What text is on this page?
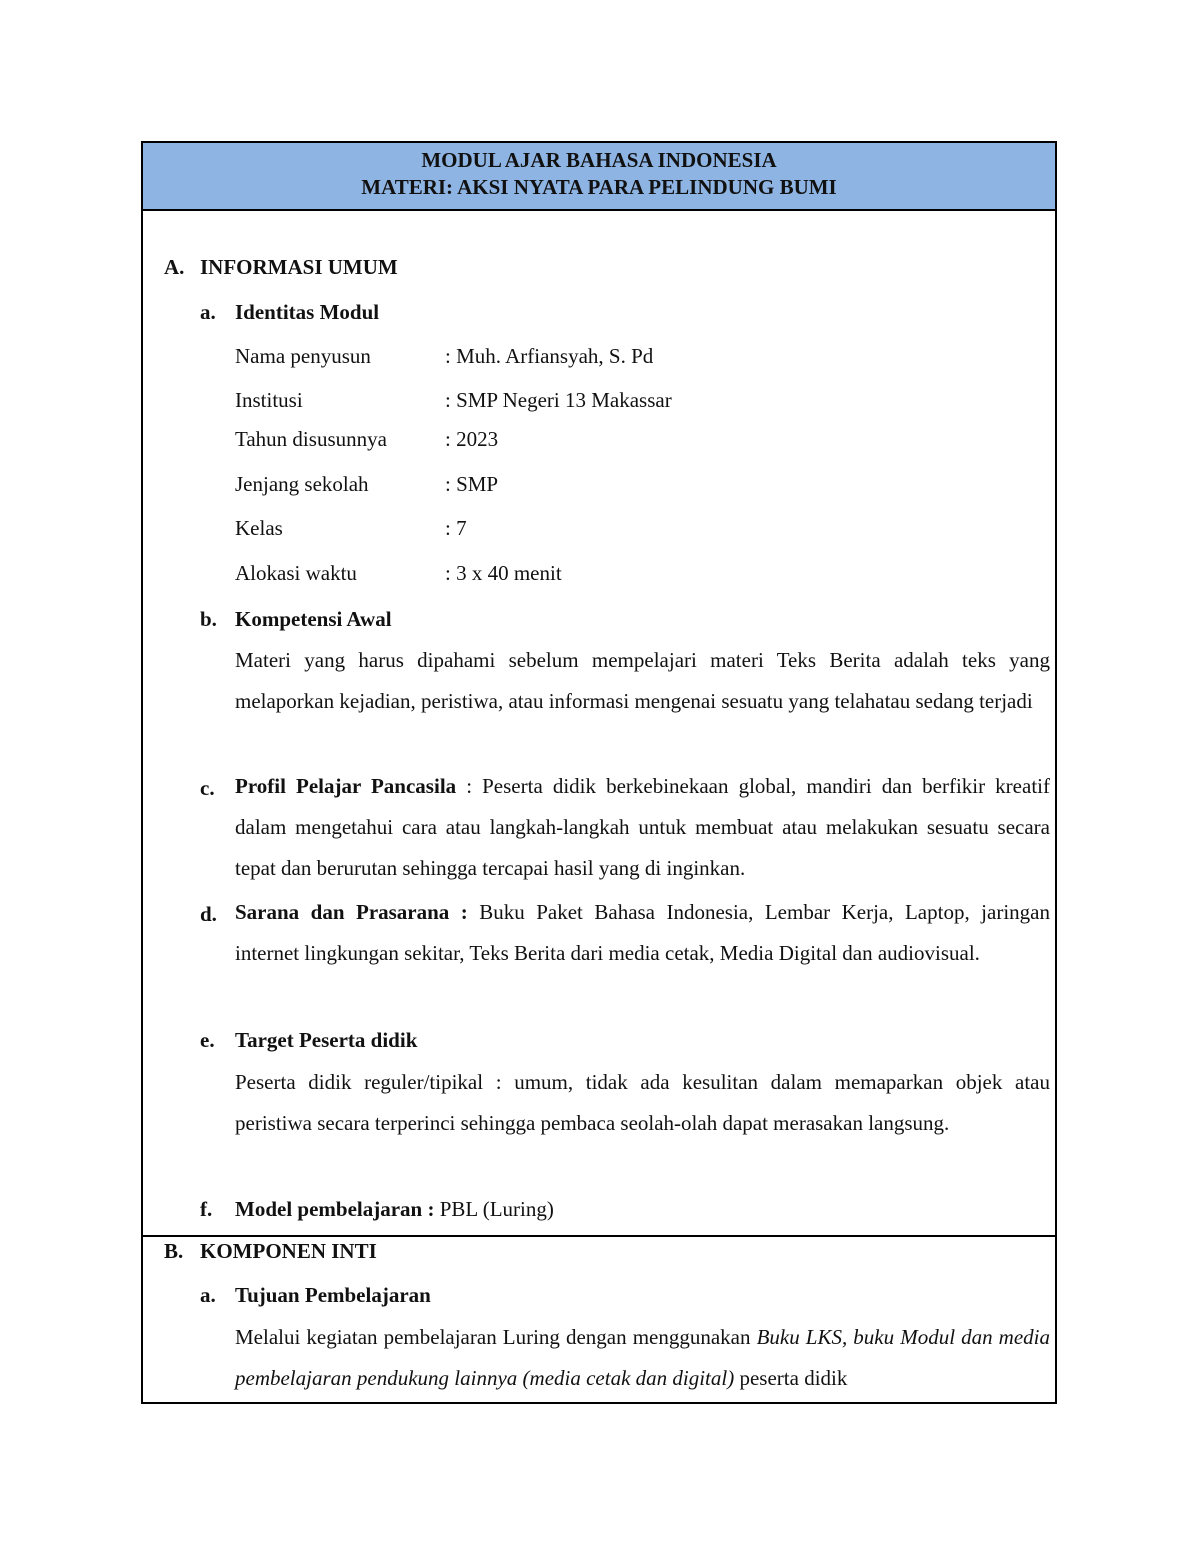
MODUL AJAR BAHASA INDONESIA
MATERI: AKSI NYATA PARA PELINDUNG BUMI
A. INFORMASI UMUM
a. Identitas Modul
Nama penyusun	: Muh. Arfiansyah, S. Pd
Institusi	: SMP Negeri 13 Makassar
Tahun disusunnya	: 2023
Jenjang sekolah	: SMP
Kelas	: 7
Alokasi waktu	: 3 x 40 menit
b. Kompetensi Awal
Materi yang harus dipahami sebelum mempelajari materi Teks Berita adalah teks yang melaporkan kejadian, peristiwa, atau informasi mengenai sesuatu yang telahatau sedang terjadi
c. Profil Pelajar Pancasila : Peserta didik berkebinekaan global, mandiri dan berfikir kreatif dalam mengetahui cara atau langkah-langkah untuk membuat atau melakukan sesuatu secara tepat dan berurutan sehingga tercapai hasil yang di inginkan.
d. Sarana dan Prasarana : Buku Paket Bahasa Indonesia, Lembar Kerja, Laptop, jaringan internet lingkungan sekitar, Teks Berita dari media cetak, Media Digital dan audiovisual.
e. Target Peserta didik
Peserta didik reguler/tipikal : umum, tidak ada kesulitan dalam memaparkan objek atau peristiwa secara terperinci sehingga pembaca seolah-olah dapat merasakan langsung.
f. Model pembelajaran : PBL (Luring)
B. KOMPONEN INTI
a. Tujuan Pembelajaran
Melalui kegiatan pembelajaran Luring dengan menggunakan Buku LKS, buku Modul dan media pembelajaran pendukung lainnya (media cetak dan digital) peserta didik
